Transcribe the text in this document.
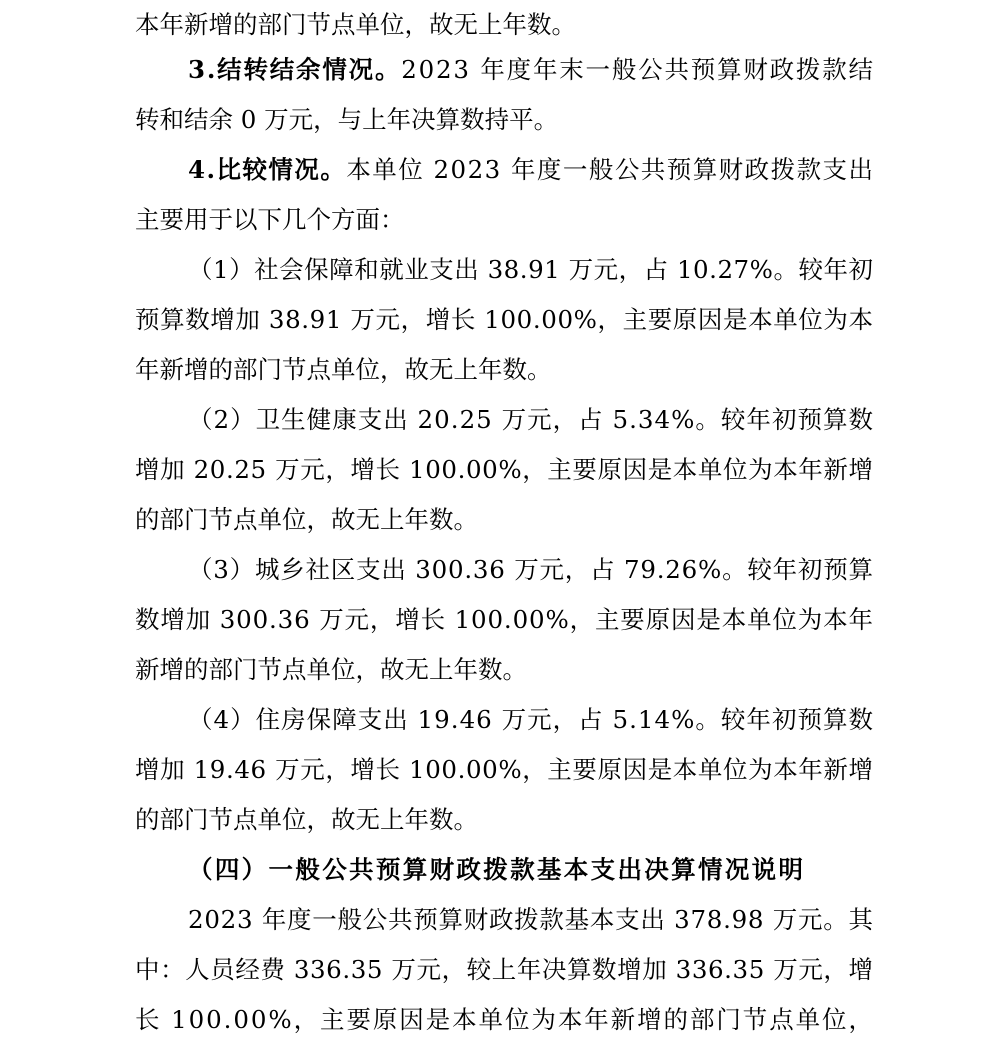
本年新增的部门节点单位，故无上年数。

3.结转结余情况。2023 年度年末一般公共预算财政拨款结

转和结余 0 万元，与上年决算数持平。

4.比较情况。本单位 2023 年度一般公共预算财政拨款支出

主要用于以下几个方面：

（1）社会保障和就业支出 38.91 万元，占 10.27%。较年初

预算数增加 38.91 万元，增长 100.00%，主要原因是本单位为本

年新增的部门节点单位，故无上年数。

（2）卫生健康支出 20.25 万元，占 5.34%。较年初预算数

增加 20.25 万元，增长 100.00%，主要原因是本单位为本年新增

的部门节点单位，故无上年数。

（3）城乡社区支出 300.36 万元，占 79.26%。较年初预算

数增加 300.36 万元，增长 100.00%，主要原因是本单位为本年

新增的部门节点单位，故无上年数。

（4）住房保障支出 19.46 万元，占 5.14%。较年初预算数

增加 19.46 万元，增长 100.00%，主要原因是本单位为本年新增

的部门节点单位，故无上年数。

（四）一般公共预算财政拨款基本支出决算情况说明

2023 年度一般公共预算财政拨款基本支出 378.98 万元。其

中：人员经费 336.35 万元，较上年决算数增加 336.35 万元，增

长 100.00%，主要原因是本单位为本年新增的部门节点单位，
